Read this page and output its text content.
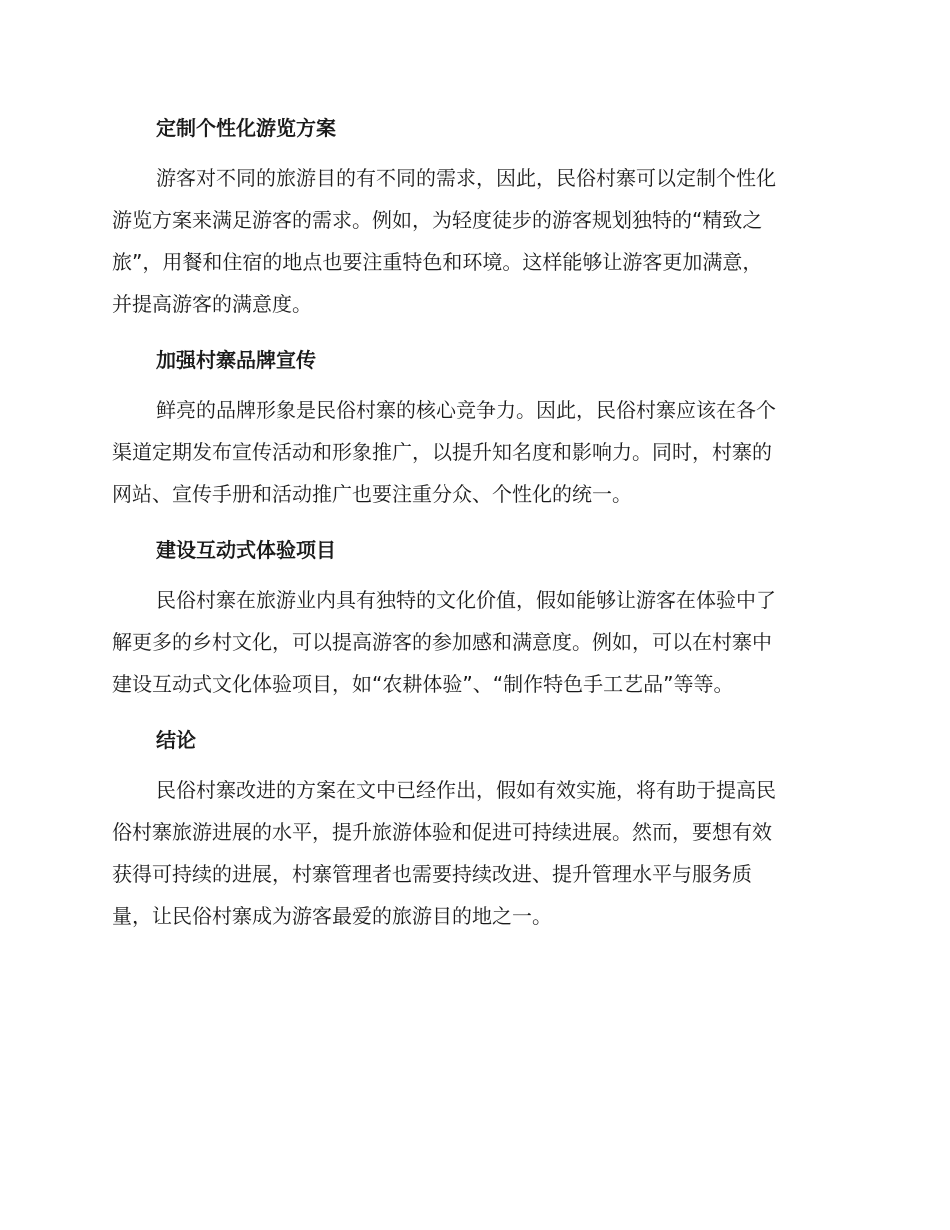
定制个性化游览方案

游客对不同的旅游目的有不同的需求，因此，民俗村寨可以定制个性化
游览方案来满足游客的需求。例如，为轻度徒步的游客规划独特的“精致之
旅”，用餐和住宿的地点也要注重特色和环境。这样能够让游客更加满意，
并提高游客的满意度。

加强村寨品牌宣传

鲜亮的品牌形象是民俗村寨的核心竞争力。因此，民俗村寨应该在各个
渠道定期发布宣传活动和形象推广，以提升知名度和影响力。同时，村寨的
网站、宣传手册和活动推广也要注重分众、个性化的统一。

建设互动式体验项目

民俗村寨在旅游业内具有独特的文化价值，假如能够让游客在体验中了
解更多的乡村文化，可以提高游客的参加感和满意度。例如，可以在村寨中
建设互动式文化体验项目，如“农耕体验”、“制作特色手工艺品”等等。

结论

民俗村寨改进的方案在文中已经作出，假如有效实施，将有助于提高民
俗村寨旅游进展的水平，提升旅游体验和促进可持续进展。然而，要想有效
获得可持续的进展，村寨管理者也需要持续改进、提升管理水平与服务质
量，让民俗村寨成为游客最爱的旅游目的地之一。
